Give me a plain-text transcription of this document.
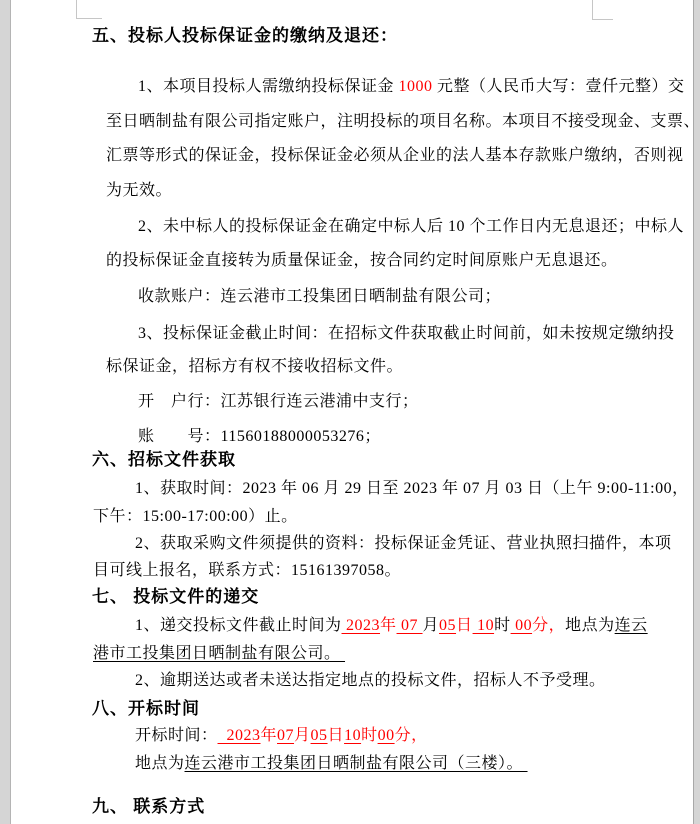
五、投标人投标保证金的缴纳及退还：
1、本项目投标人需缴纳投标保证金 1000 元整（人民币大写：壹仟元整）交
至日晒制盐有限公司指定账户，注明投标的项目名称。本项目不接受现金、支票、
汇票等形式的保证金，投标保证金必须从企业的法人基本存款账户缴纳，否则视
为无效。
2、未中标人的投标保证金在确定中标人后 10 个工作日内无息退还；中标人
的投标保证金直接转为质量保证金，按合同约定时间原账户无息退还。
收款账户：连云港市工投集团日晒制盐有限公司；
3、投标保证金截止时间：在招标文件获取截止时间前，如未按规定缴纳投
标保证金，招标方有权不接收招标文件。
开　户行：江苏银行连云港浦中支行；
账　　号：11560188000053276；
六、招标文件获取
1、获取时间：2023 年 06 月 29 日至 2023 年 07 月 03 日（上午 9:00-11:00，
下午：15:00-17:00:00）止。
2、获取采购文件须提供的资料：投标保证金凭证、营业执照扫描件，本项
目可线上报名，联系方式：15161397058。
七、 投标文件的递交
1、递交投标文件截止时间为 2023年 07 月05日 10时 00分，地点为连云
港市工投集团日晒制盐有限公司。
2、逾期送达或者未送达指定地点的投标文件，招标人不予受理。
八、开标时间
开标时间：  2023年07月05日10时00分，
地点为连云港市工投集团日晒制盐有限公司（三楼）。
九、 联系方式
